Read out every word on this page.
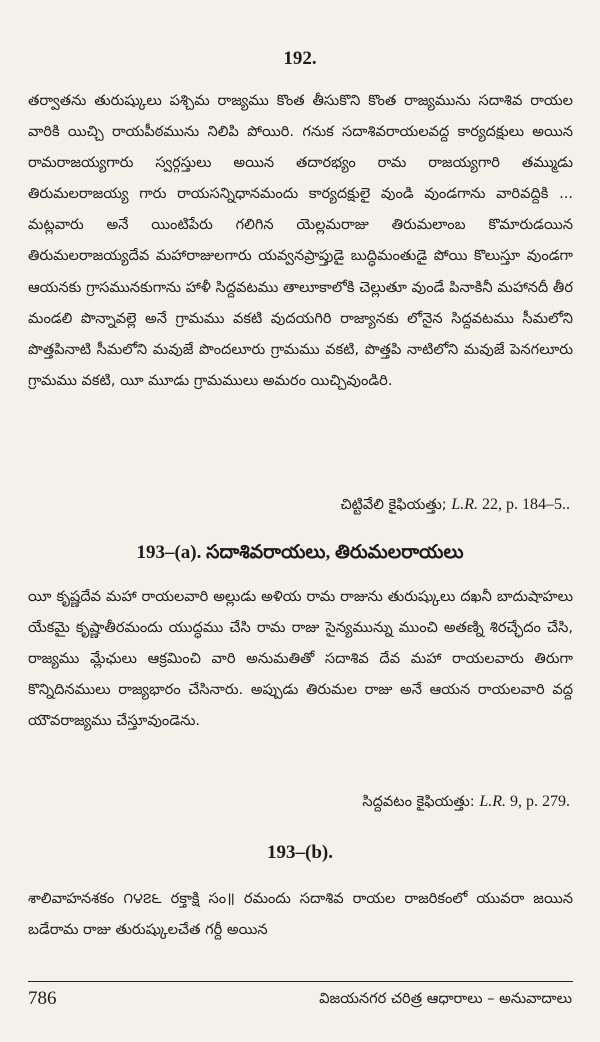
192.

తర్వాతను తురుష్కులు పశ్చిమ రాజ్యము కొంత తీసుకొని కొంత రాజ్యమును సదాశివ రాయల వారికి యిచ్చి రాయపీఠమును నిలిపి పోయిరి. గనుక సదాశివరాయలవద్ద కార్యదక్షులు అయిన రామరాజయ్యగారు స్వర్గస్తులు అయిన తదారభ్యం రామ రాజయ్యగారి తమ్ముడు తిరుమలరాజయ్య గారు రాయసన్నిధానమందు కార్యదక్షులై వుండి వుండగాను వారివద్దికి ... మట్లవారు అనే యింటిపేరు గలిగిన యెల్లమరాజు తిరుమలాంబ కొమారుడయిన తిరుమలరాజయ్యదేవ మహారాజులగారు యవ్వనప్రాప్తుడై బుద్ధిమంతుడై పోయి కొలుస్తూ వుండగా ఆయనకు గ్రాసమునకుగాను హాళీ సిద్దవటము తాలూకాలోకి చెల్లుతూ వుండే పినాకినీ మహానదీ తీర మండలి పొన్నావల్లె అనే గ్రామము వకటి వుదయగిరి రాజ్యానకు లోనైన సిద్దవటము సీమలోని పొత్తపినాటి సీమలోని మవుజే పొందలూరు గ్రామము వకటి, పొత్తపి నాటిలోని మవుజే పెనగలూరు గ్రామము వకటి, యీ మూడు గ్రామములు అమరం యిచ్చివుండిరి.

చిట్టివేలి కైఫియత్తు; L.R. 22, p. 184–5..
193–(a). సదాశివరాయలు, తిరుమలరాయలు

యీ కృష్ణదేవ మహా రాయలవారి అల్లుడు అళియ రామ రాజును తురుష్కులు దఖనీ బాదుషాహలు యేకమై కృష్ణాతీరమందు యుద్ధము చేసి రామ రాజు సైన్యమున్ను ముంచి అతణ్ని శిరచ్ఛేదం చేసి, రాజ్యము మ్లేఛులు ఆక్రమించి వారి అనుమతితో సదాశివ దేవ మహా రాయలవారు తిరుగా కొన్నిదినములు రాజ్యభారం చేసినారు. అప్పుడు తిరుమల రాజు అనే ఆయన రాయలవారి వద్ద యౌవరాజ్యము చేస్తూవుండెను.

సిద్దవటం కైఫియత్తు: L.R. 9, p. 279.
193–(b).

శాలివాహనశకం ౧౪౭౬ రక్తాక్షి సం॥ రమందు సదాశివ రాయల రాజరికంలో యువరా జయిన బడేరామ రాజు తురుష్కులచేత గర్దీ అయిన

786	విజయనగర చరిత్ర ఆధారాలు – అనువాదాలు
